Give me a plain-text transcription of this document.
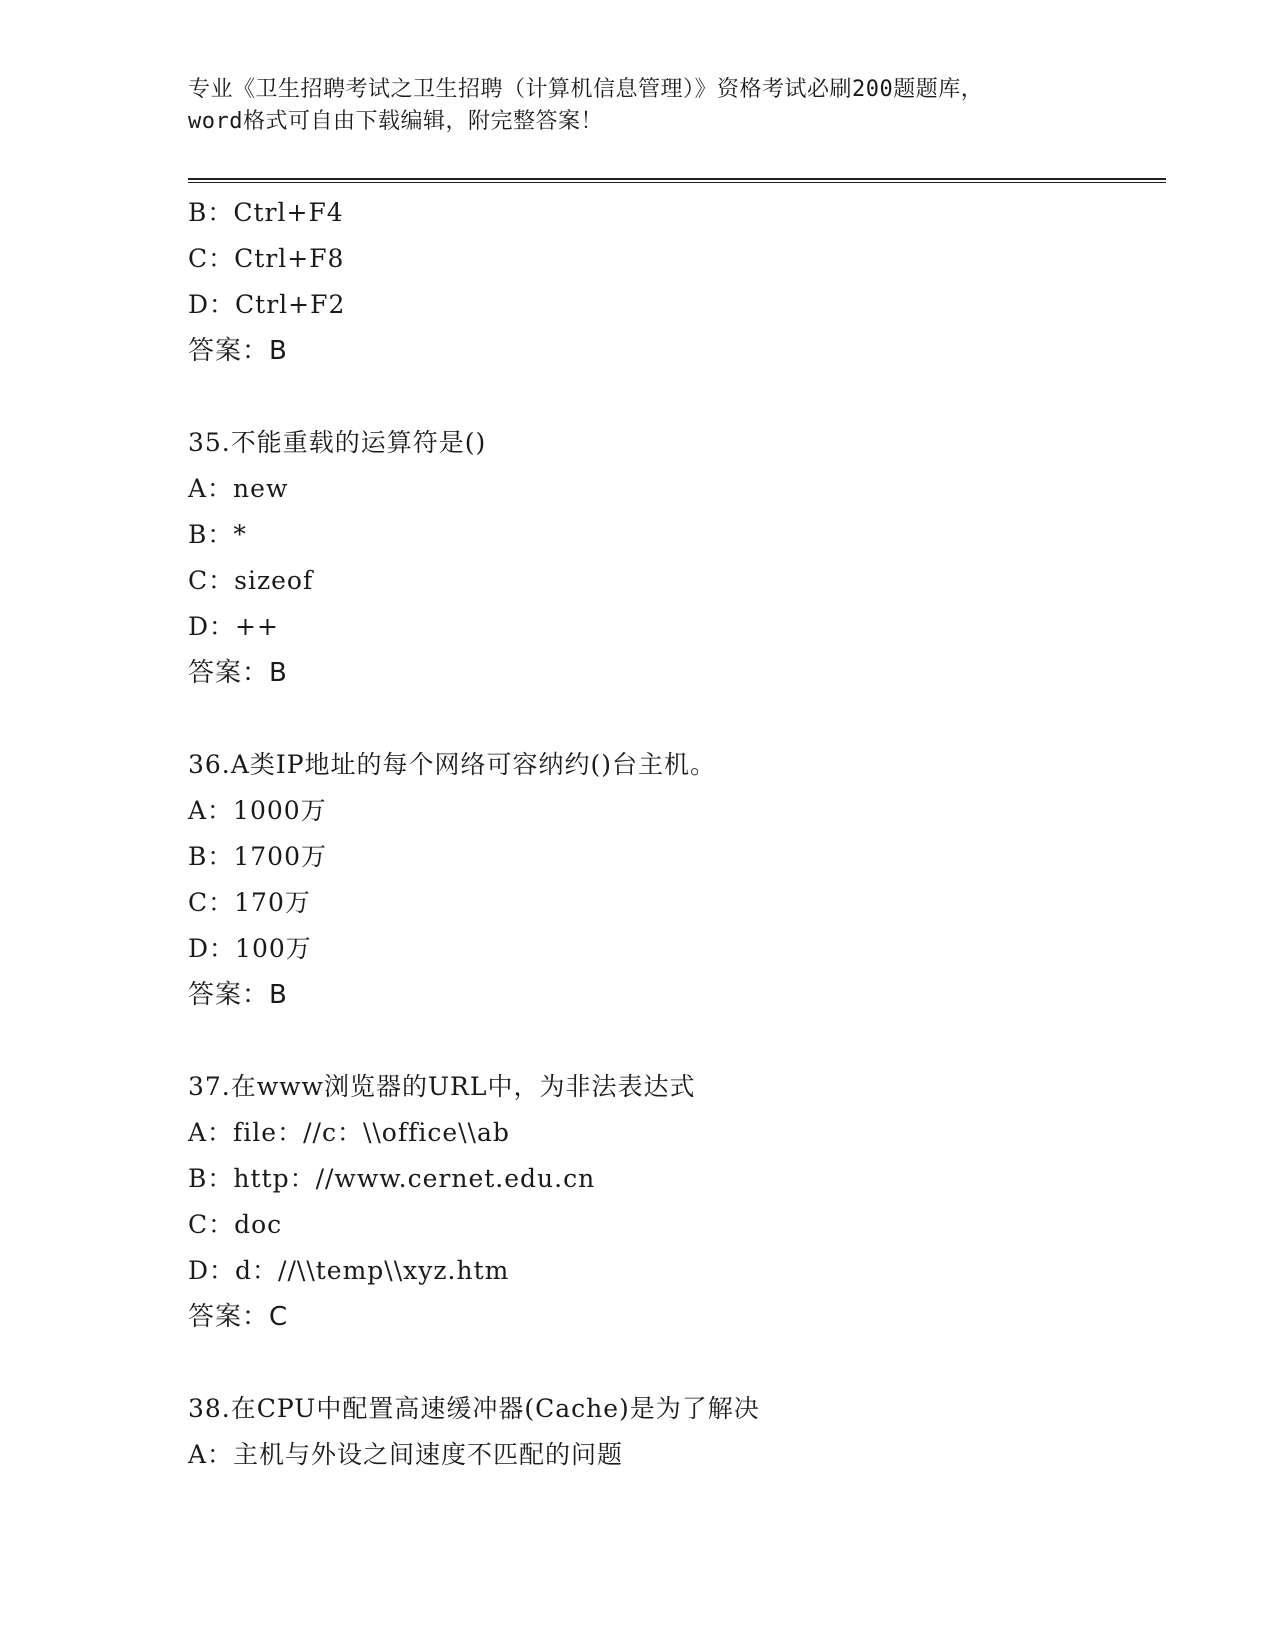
专业《卫生招聘考试之卫生招聘（计算机信息管理）》资格考试必刷200题题库，
word格式可自由下载编辑，附完整答案！
B：Ctrl+F4
C：Ctrl+F8
D：Ctrl+F2
答案：B
35.不能重载的运算符是()
A：new
B：*
C：sizeof
D：++
答案：B
36.A类IP地址的每个网络可容纳约()台主机。
A：1000万
B：1700万
C：170万
D：100万
答案：B
37.在www浏览器的URL中，为非法表达式
A：file：//c：\\office\\ab
B：http：//www.cernet.edu.cn
C：doc
D：d：//\\temp\\xyz.htm
答案：C
38.在CPU中配置高速缓冲器(Cache)是为了解决
A：主机与外设之间速度不匹配的问题
